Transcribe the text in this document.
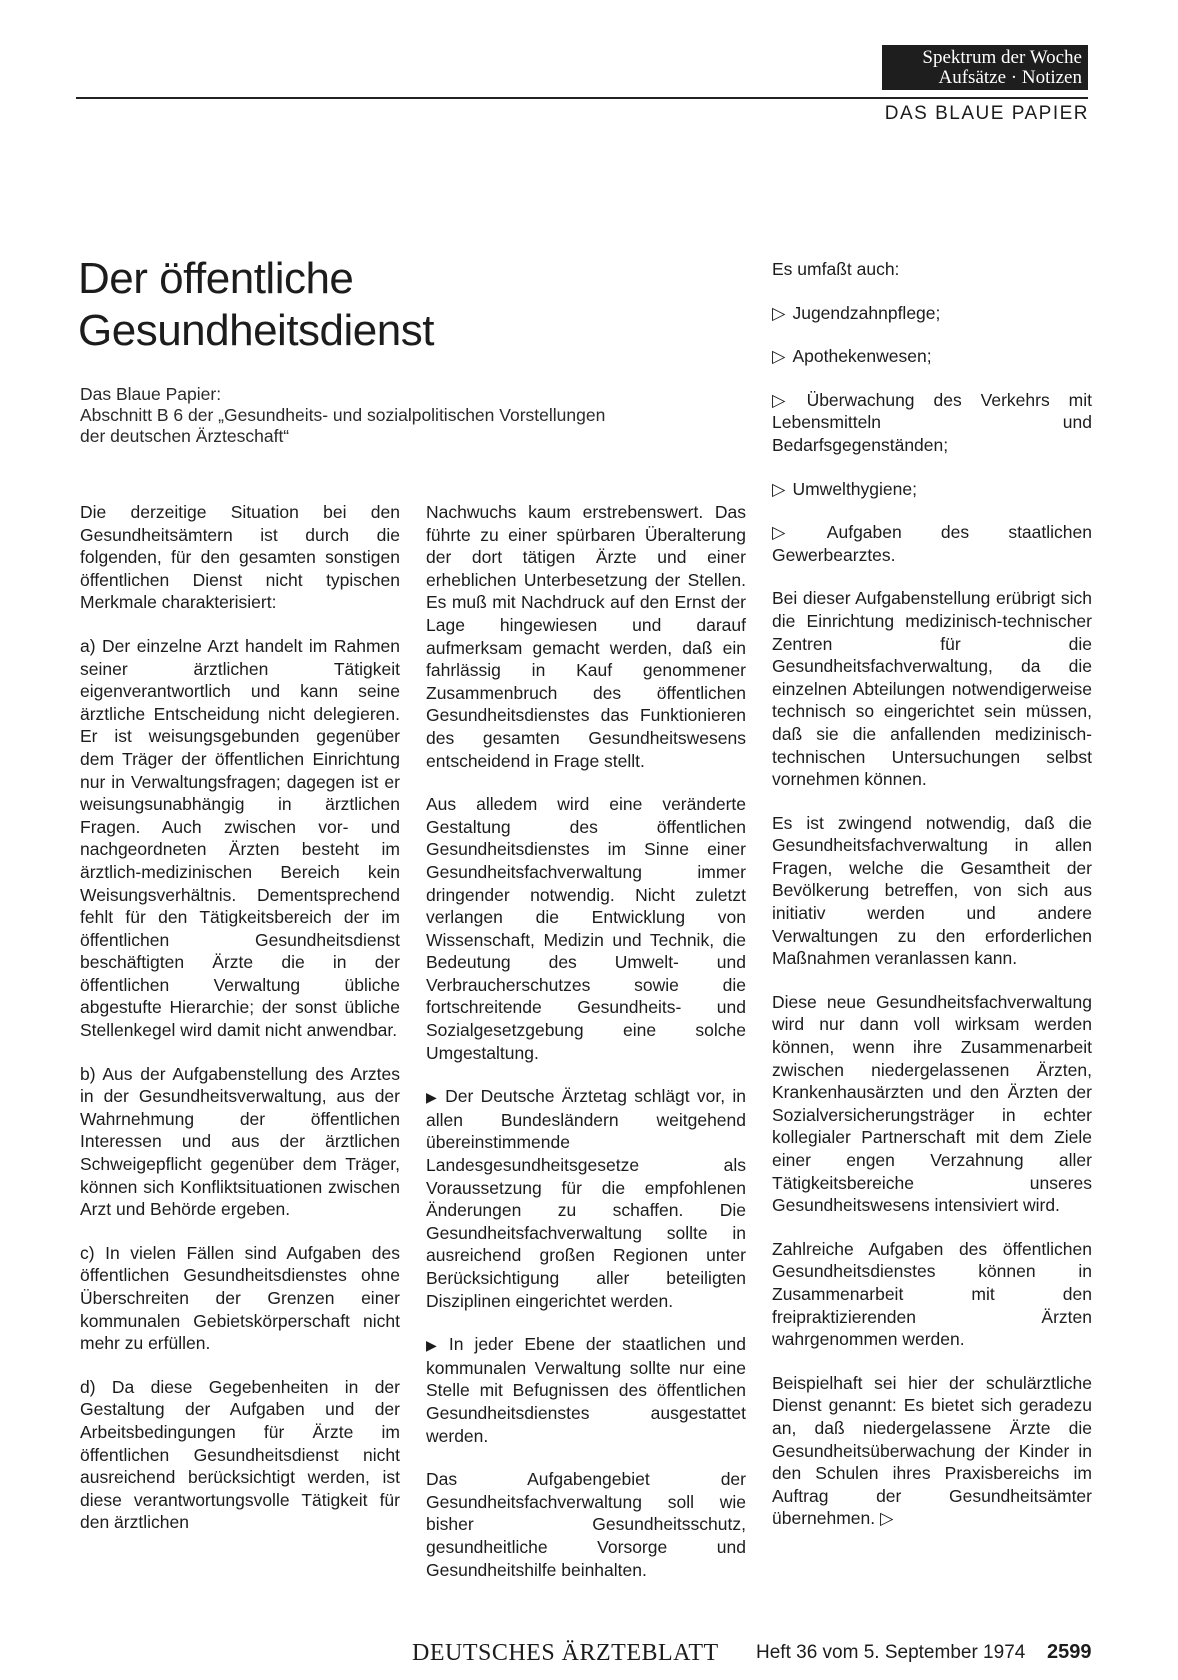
Spektrum der Woche
Aufsätze · Notizen
DAS BLAUE PAPIER
Der öffentliche
Gesundheitsdienst
Das Blaue Papier:
Abschnitt B 6 der „Gesundheits- und sozialpolitischen Vorstellungen
der deutschen Ärzteschaft“

Die derzeitige Situation bei den Gesundheitsämtern ist durch die folgenden, für den gesamten sonstigen öffentlichen Dienst nicht typischen Merkmale charakterisiert:

a) Der einzelne Arzt handelt im Rahmen seiner ärztlichen Tätigkeit eigenverantwortlich und kann seine ärztliche Entscheidung nicht delegieren. Er ist weisungsgebunden gegenüber dem Träger der öffentlichen Einrichtung nur in Verwaltungsfragen; dagegen ist er weisungsunabhängig in ärztlichen Fragen. Auch zwischen vor- und nachgeordneten Ärzten besteht im ärztlich-medizinischen Bereich kein Weisungsverhältnis. Dementsprechend fehlt für den Tätigkeitsbereich der im öffentlichen Gesundheitsdienst beschäftigten Ärzte die in der öffentlichen Verwaltung übliche abgestufte Hierarchie; der sonst übliche Stellenkegel wird damit nicht anwendbar.

b) Aus der Aufgabenstellung des Arztes in der Gesundheitsverwaltung, aus der Wahrnehmung der öffentlichen Interessen und aus der ärztlichen Schweigepflicht gegenüber dem Träger, können sich Konfliktsituationen zwischen Arzt und Behörde ergeben.

c) In vielen Fällen sind Aufgaben des öffentlichen Gesundheitsdienstes ohne Überschreiten der Grenzen einer kommunalen Gebietskörperschaft nicht mehr zu erfüllen.

d) Da diese Gegebenheiten in der Gestaltung der Aufgaben und der Arbeitsbedingungen für Ärzte im öffentlichen Gesundheitsdienst nicht ausreichend berücksichtigt werden, ist diese verantwortungsvolle Tätigkeit für den ärztlichen

Nachwuchs kaum erstrebenswert. Das führte zu einer spürbaren Überalterung der dort tätigen Ärzte und einer erheblichen Unterbesetzung der Stellen. Es muß mit Nachdruck auf den Ernst der Lage hingewiesen und darauf aufmerksam gemacht werden, daß ein fahrlässig in Kauf genommener Zusammenbruch des öffentlichen Gesundheitsdienstes das Funktionieren des gesamten Gesundheitswesens entscheidend in Frage stellt.

Aus alledem wird eine veränderte Gestaltung des öffentlichen Gesundheitsdienstes im Sinne einer Gesundheitsfachverwaltung immer dringender notwendig. Nicht zuletzt verlangen die Entwicklung von Wissenschaft, Medizin und Technik, die Bedeutung des Umwelt- und Verbraucherschutzes sowie die fortschreitende Gesundheits- und Sozialgesetzgebung eine solche Umgestaltung.

▶ Der Deutsche Ärztetag schlägt vor, in allen Bundesländern weitgehend übereinstimmende Landesgesundheitsgesetze als Voraussetzung für die empfohlenen Änderungen zu schaffen. Die Gesundheitsfachverwaltung sollte in ausreichend großen Regionen unter Berücksichtigung aller beteiligten Disziplinen eingerichtet werden.

▶ In jeder Ebene der staatlichen und kommunalen Verwaltung sollte nur eine Stelle mit Befugnissen des öffentlichen Gesundheitsdienstes ausgestattet werden.

Das Aufgabengebiet der Gesundheitsfachverwaltung soll wie bisher Gesundheitsschutz, gesundheitliche Vorsorge und Gesundheitshilfe beinhalten.

Es umfaßt auch:

▷ Jugendzahnpflege;

▷ Apothekenwesen;

▷ Überwachung des Verkehrs mit Lebensmitteln und Bedarfsgegenständen;

▷ Umwelthygiene;

▷ Aufgaben des staatlichen Gewerbearztes.

Bei dieser Aufgabenstellung erübrigt sich die Einrichtung medizinisch-technischer Zentren für die Gesundheitsfachverwaltung, da die einzelnen Abteilungen notwendigerweise technisch so eingerichtet sein müssen, daß sie die anfallenden medizinisch-technischen Untersuchungen selbst vornehmen können.

Es ist zwingend notwendig, daß die Gesundheitsfachverwaltung in allen Fragen, welche die Gesamtheit der Bevölkerung betreffen, von sich aus initiativ werden und andere Verwaltungen zu den erforderlichen Maßnahmen veranlassen kann.

Diese neue Gesundheitsfachverwaltung wird nur dann voll wirksam werden können, wenn ihre Zusammenarbeit zwischen niedergelassenen Ärzten, Krankenhausärzten und den Ärzten der Sozialversicherungsträger in echter kollegialer Partnerschaft mit dem Ziele einer engen Verzahnung aller Tätigkeitsbereiche unseres Gesundheitswesens intensiviert wird.

Zahlreiche Aufgaben des öffentlichen Gesundheitsdienstes können in Zusammenarbeit mit den freipraktizierenden Ärzten wahrgenommen werden.

Beispielhaft sei hier der schulärztliche Dienst genannt: Es bietet sich geradezu an, daß niedergelassene Ärzte die Gesundheitsüberwachung der Kinder in den Schulen ihres Praxisbereichs im Auftrag der Gesundheitsämter übernehmen. ▷

DEUTSCHES ÄRZTEBLATT Heft 36 vom 5. September 1974 2599
